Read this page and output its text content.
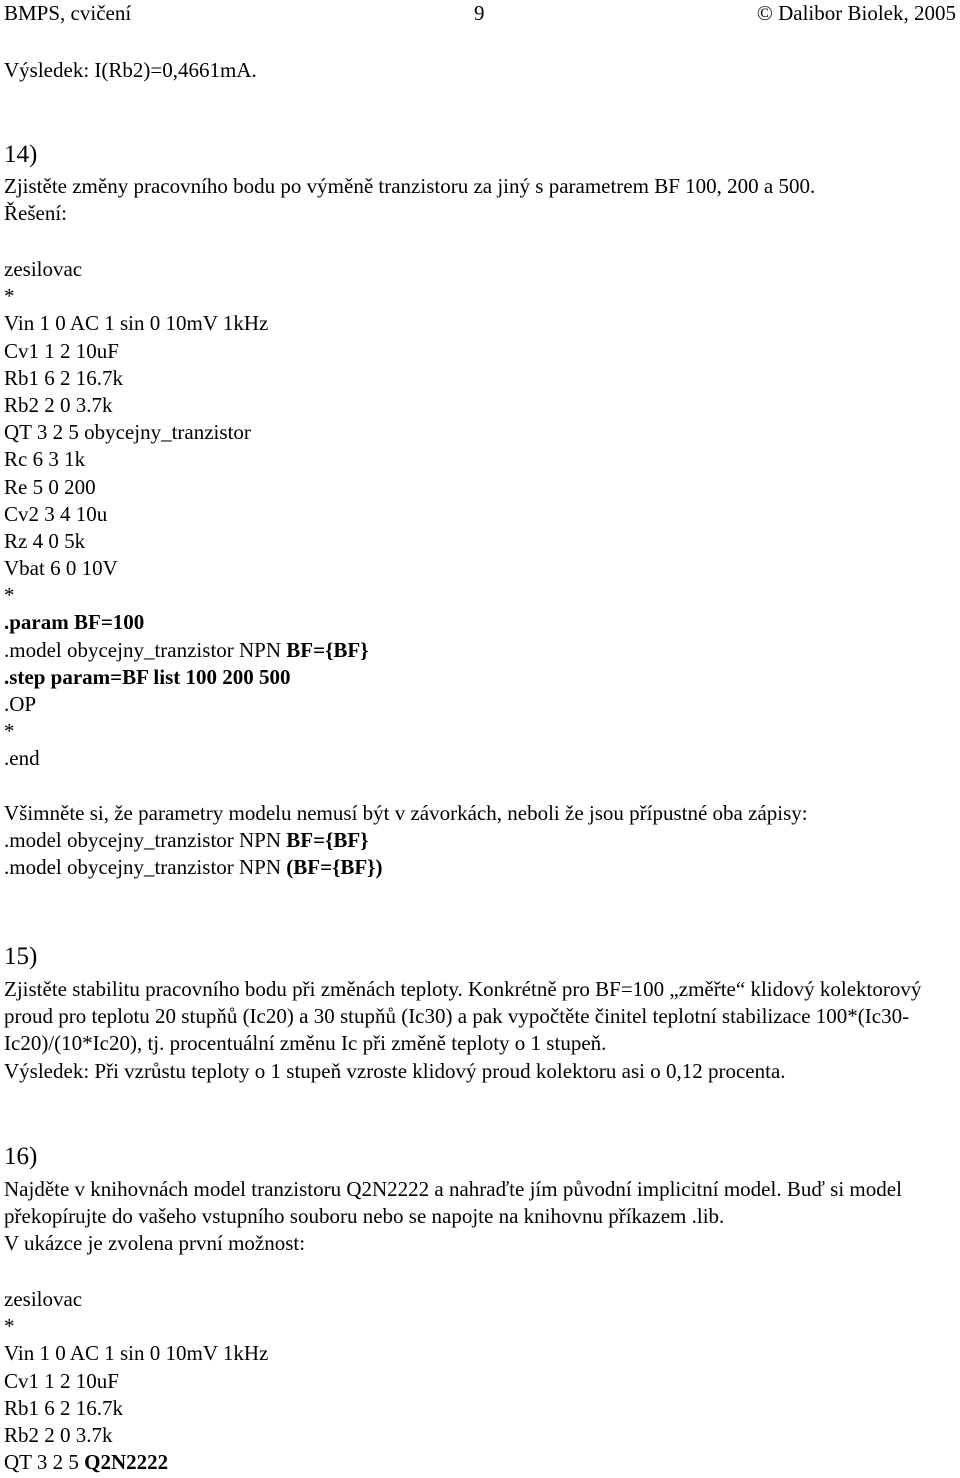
BMPS, cvičení	9	© Dalibor Biolek, 2005
Výsledek: I(Rb2)=0,4661mA.
14)
Zjistěte změny pracovního bodu po výměně tranzistoru za jiný s parametrem BF 100, 200 a 500.
Řešení:
zesilovac
*
Vin 1 0 AC 1 sin 0 10mV 1kHz
Cv1 1 2 10uF
Rb1 6 2 16.7k
Rb2 2 0 3.7k
QT 3 2 5 obycejny_tranzistor
Rc 6 3 1k
Re 5 0 200
Cv2 3 4 10u
Rz 4 0 5k
Vbat 6 0 10V
*
.param BF=100
.model obycejny_tranzistor NPN BF={BF}
.step param=BF list 100 200 500
.OP
*
.end
Všimněte si, že parametry modelu nemusí být v závorkách, neboli že jsou přípustné oba zápisy:
.model obycejny_tranzistor NPN BF={BF}
.model obycejny_tranzistor NPN (BF={BF})
15)
Zjistěte stabilitu pracovního bodu při změnách teploty. Konkrétně pro BF=100 „změřte“ klidový kolektorový proud pro teplotu 20 stupňů (Ic20) a 30 stupňů (Ic30) a pak vypočtěte činitel teplotní stabilizace 100*(Ic30-Ic20)/(10*Ic20), tj. procentuální změnu Ic při změně teploty o 1 stupeň.
Výsledek: Při vzrůstu teploty o 1 stupeň vzroste klidový proud kolektoru asi o 0,12 procenta.
16)
Najděte v knihovnách model tranzistoru Q2N2222 a nahraďte jím původní implicitní model. Buď si model překopírujte do vašeho vstupního souboru nebo se napojte na knihovnu příkazem .lib.
V ukázce je zvolena první možnost:
zesilovac
*
Vin 1 0 AC 1 sin 0 10mV 1kHz
Cv1 1 2 10uF
Rb1 6 2 16.7k
Rb2 2 0 3.7k
QT 3 2 5 Q2N2222
